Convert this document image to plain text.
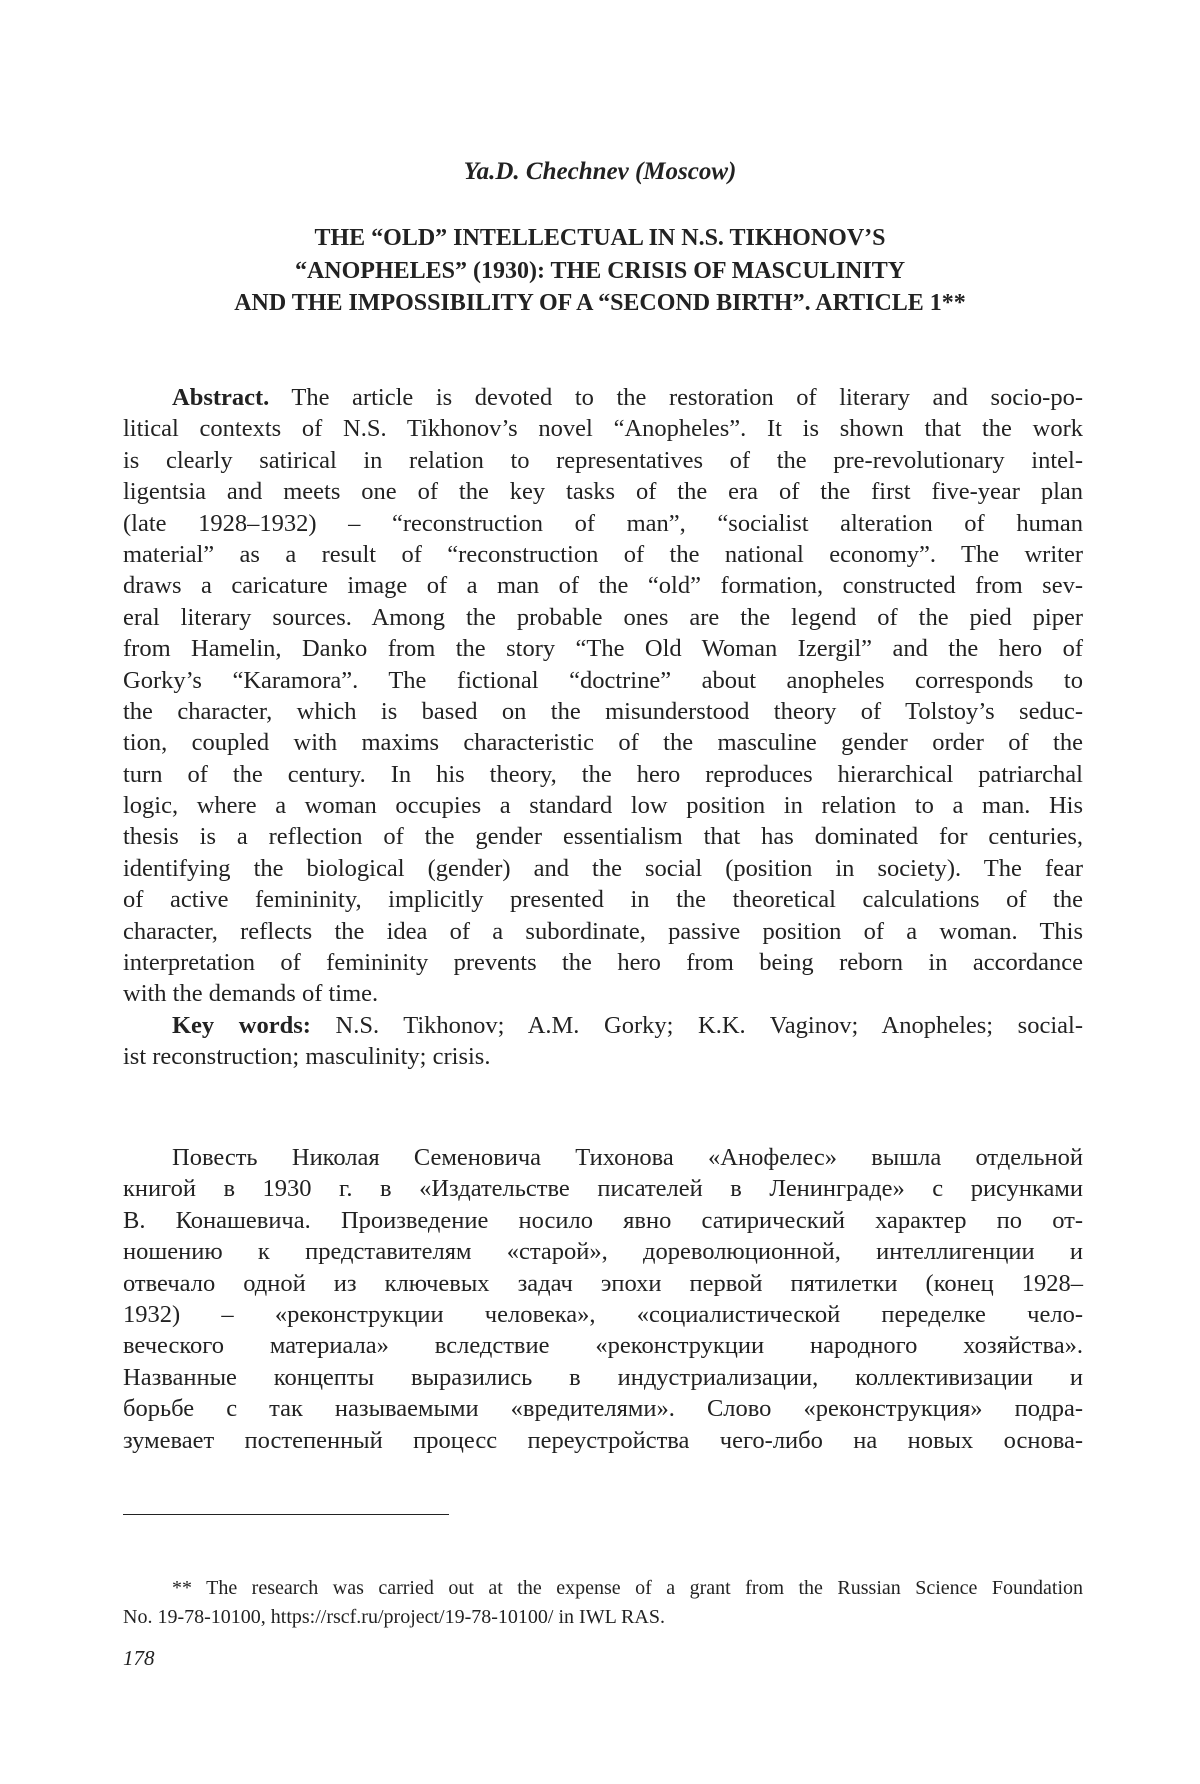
Ya.D. Chechnev (Moscow)
THE “OLD” INTELLECTUAL IN N.S. TIKHONOV’S
“ANOPHELES” (1930): THE CRISIS OF MASCULINITY
AND THE IMPOSSIBILITY OF A “SECOND BIRTH”. ARTICLE 1**
Abstract. The article is devoted to the restoration of literary and socio-po-
litical contexts of N.S. Tikhonov’s novel “Anopheles”. It is shown that the work
is clearly satirical in relation to representatives of the pre-revolutionary intel-
ligentsia and meets one of the key tasks of the era of the first five-year plan
(late 1928–1932) – “reconstruction of man”, “socialist alteration of human
material” as a result of “reconstruction of the national economy”. The writer
draws a caricature image of a man of the “old” formation, constructed from sev-
eral literary sources. Among the probable ones are the legend of the pied piper
from Hamelin, Danko from the story “The Old Woman Izergil” and the hero of
Gorky’s “Karamora”. The fictional “doctrine” about anopheles corresponds to
the character, which is based on the misunderstood theory of Tolstoy’s seduc-
tion, coupled with maxims characteristic of the masculine gender order of the
turn of the century. In his theory, the hero reproduces hierarchical patriarchal
logic, where a woman occupies a standard low position in relation to a man. His
thesis is a reflection of the gender essentialism that has dominated for centuries,
identifying the biological (gender) and the social (position in society). The fear
of active femininity, implicitly presented in the theoretical calculations of the
character, reflects the idea of a subordinate, passive position of a woman. This
interpretation of femininity prevents the hero from being reborn in accordance
with the demands of time.
Key words: N.S. Tikhonov; A.M. Gorky; K.K. Vaginov; Anopheles; social-
ist reconstruction; masculinity; crisis.
Повесть Николая Семеновича Тихонова «Анофелес» вышла отдельной
книгой в 1930 г. в «Издательстве писателей в Ленинграде» с рисунками
В. Конашевича. Произведение носило явно сатирический характер по от-
ношению к представителям «старой», дореволюционной, интеллигенции и
отвечало одной из ключевых задач эпохи первой пятилетки (конец 1928–
1932) – «реконструкции человека», «социалистической переделке чело-
веческого материала» вследствие «реконструкции народного хозяйства».
Названные концепты выразились в индустриализации, коллективизации и
борьбе с так называемыми «вредителями». Слово «реконструкция» подра-
зумевает постепенный процесс переустройства чего-либо на новых основа-
** The research was carried out at the expense of a grant from the Russian Science Foundation
No. 19-78-10100, https://rscf.ru/project/19-78-10100/ in IWL RAS.
178
